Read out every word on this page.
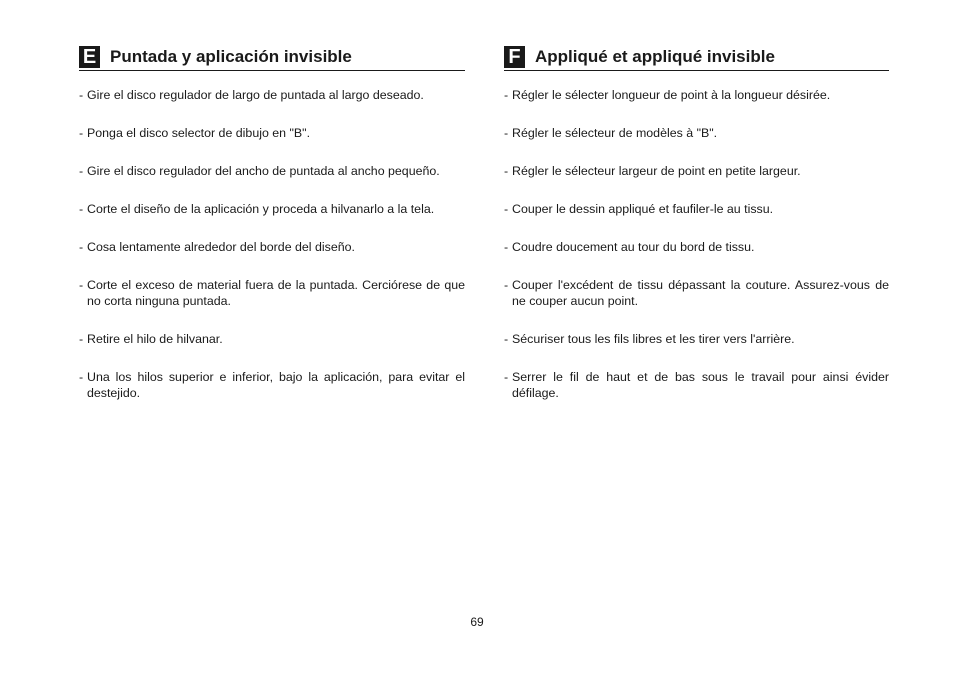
E Puntada y aplicación invisible
- Gire el disco regulador de largo de puntada al largo deseado.
- Ponga el disco selector de dibujo en "B".
- Gire el disco regulador del ancho de puntada al ancho pequeño.
- Corte el diseño de la aplicación y proceda a hilvanarlo a la tela.
- Cosa lentamente alrededor del borde del diseño.
- Corte el exceso de material fuera de la puntada. Cerciórese de que no corta ninguna puntada.
- Retire el hilo de hilvanar.
- Una los hilos superior e inferior, bajo la aplicación, para evitar el destejido.
F Appliqué et appliqué invisible
- Régler le sélecter longueur de point à la longueur désirée.
- Régler le sélecteur de modèles à "B".
- Régler le sélecteur largeur de point en petite largeur.
- Couper le dessin appliqué et faufiler-le au tissu.
- Coudre doucement au tour du bord de tissu.
- Couper l'excédent de tissu dépassant la couture. Assurez-vous de ne couper aucun point.
- Sécuriser tous les fils libres et les tirer vers l'arrière.
- Serrer le fil de haut et de bas sous le travail pour ainsi évider défilage.
69
